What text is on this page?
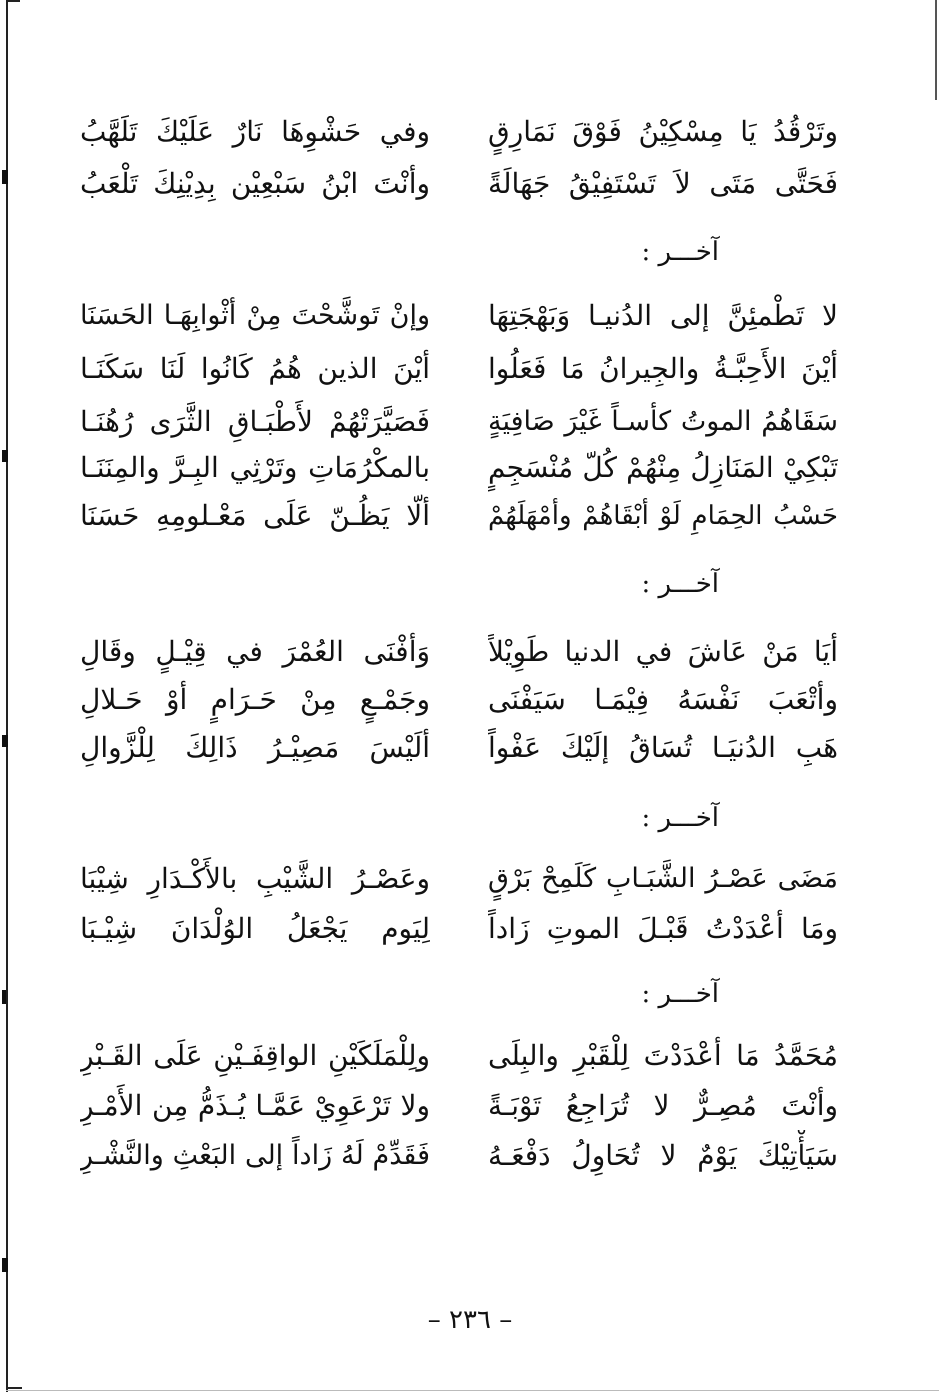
وتَرْقُدُ يَا مِسْكِيْنُ فَوْقَ نَمَارِقٍ
وفي حَشْوِهَا نَارٌ عَلَيْكَ تَلَهَّبُ
فَحَتَّى مَتَى لاَ تَسْتَفِيْقُ جَهَالَةً
وأنْتَ ابْنُ سَبْعِيْن بِدِيْنِكَ تَلْعَبُ
آخـــر :
لا تَطْمئِنَّ إلى الدُنيـا وَبَهْجَتِهَا
وإنْ تَوشَّحْتَ مِنْ أثْوابِهَـا الحَسَنَا
أيْنَ الأَحِبَّـةُ والجِيرانُ مَا فَعَلُوا
أيْنَ الذين هُمُ كَانُوا لَنَا سَكَنَـا
سَقَاهُمُ الموتُ كأسـاً غَيْرَ صَافِيَةٍ
فَصَيَّرَتْهُمْ لأَطْبَـاقِ الثَّرَى رُهُنَـا
تَبْكِيْ المَنَازِلُ مِنْهُمْ كُلّ مُنْسَجِمٍ
بالمكْرُمَاتِ وتَرْثِي البِـرَّ والمِنَنَـا
حَسْبُ الحِمَامِ لَوْ أبْقَاهُمْ وأمْهَلَهُمْ
ألّا يَظُـنّ عَلَى مَعْـلومِهِ حَسَنَا
آخـــر :
أيَا مَنْ عَاشَ في الدنيا طَوِيْلاً
وَأفْنَى العُمْرَ في قِيْـلٍ وقَالِ
وأتْعَبَ نَفْسَهُ فِيْمَـا سَيَفْنَى
وجَمْـعٍ مِنْ حَـرَامٍ أوْ حَـلالِ
هَبِ الدُنيَـا تُسَاقُ إلَيْكَ عَفْواً
ألَيْسَ مَصِيْـرُ ذَالِكَ لِلْزَّوالِ
آخـــر :
مَضَى عَصْـرُ الشَّبَـابِ كَلَمِحْ بَرْقٍ
وعَصْـرُ الشَّيْبِ بالأَكْـدَارِ شِيْبَا
ومَا أعْدَدْتُ قَبْـلَ الموتِ زَاداً
لِيَوم يَجْعَلُ الوُلْدَانَ شِيْـبَا
آخـــر :
مُحَمَّدُ مَا أعْدَدْتَ لِلْقَبْرِ والبِلَى
ولِلْمَلَكَيْنِ الواقِفَـيْنِ عَلَى القَـبْرِ
وأنْتَ مُصِـرٌّ لا تُرَاجِعُ تَوْبَـةً
ولا تَرْعَوِيْ عَمَّـا يُـذَمُّ مِن الأَمْـرِ
سَيَأْتِيْكَ يَوْمٌ لا تُحَاوِلُ دَفْعَـهُ
فَقَدِّمْ لَهُ زَاداً إلى البَعْثِ والنَّشْـرِ
– ٢٣٦ –
